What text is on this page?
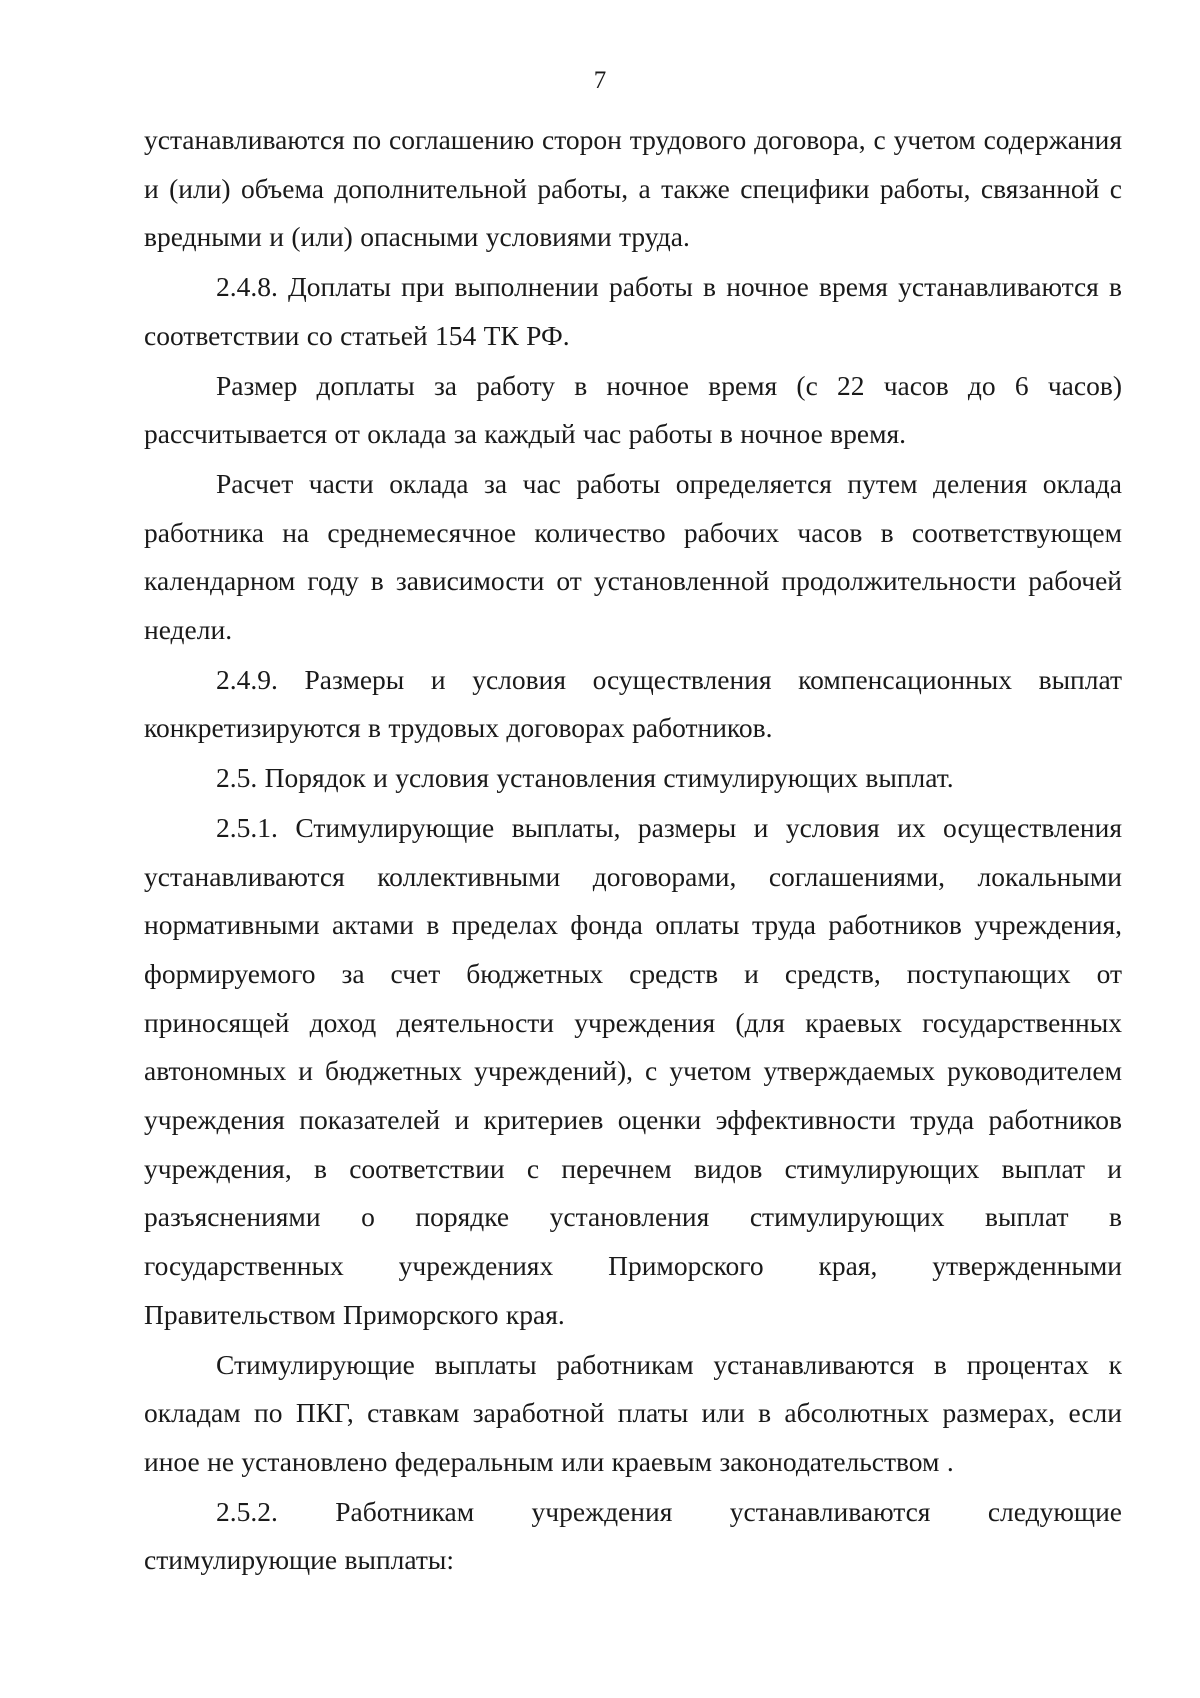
7

устанавливаются по соглашению сторон трудового договора, с учетом содержания и (или) объема дополнительной работы, а также специфики работы, связанной с вредными и (или) опасными условиями труда.

2.4.8. Доплаты при выполнении работы в ночное время устанавливаются в соответствии со статьей 154 ТК РФ.

Размер доплаты за работу в ночное время (с 22 часов до 6 часов) рассчитывается от оклада за каждый час работы в ночное время.

Расчет части оклада за час работы определяется путем деления оклада работника на среднемесячное количество рабочих часов в соответствующем календарном году в зависимости от установленной продолжительности рабочей недели.

2.4.9. Размеры и условия осуществления компенсационных выплат конкретизируются в трудовых договорах работников.

2.5. Порядок и условия установления стимулирующих выплат.

2.5.1. Стимулирующие выплаты, размеры и условия их осуществления устанавливаются коллективными договорами, соглашениями, локальными нормативными актами в пределах фонда оплаты труда работников учреждения, формируемого за счет бюджетных средств и средств, поступающих от приносящей доход деятельности учреждения (для краевых государственных автономных и бюджетных учреждений), с учетом утверждаемых руководителем учреждения показателей и критериев оценки эффективности труда работников учреждения, в соответствии с перечнем видов стимулирующих выплат и разъяснениями о порядке установления стимулирующих выплат в государственных учреждениях Приморского края, утвержденными Правительством Приморского края.

Стимулирующие выплаты работникам устанавливаются в процентах к окладам по ПКГ, ставкам заработной платы или в абсолютных размерах, если иное не установлено федеральным или краевым законодательством .

2.5.2. Работникам учреждения устанавливаются следующие стимулирующие выплаты:
